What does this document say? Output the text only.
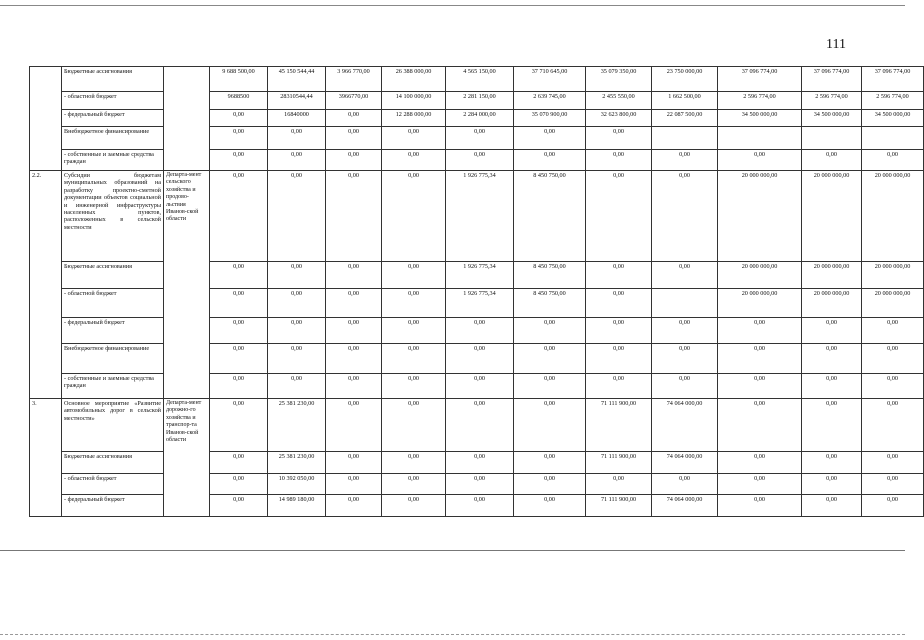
111
	Бюджетные ассигнования		9 688 500,00	45 150 544,44	3 966 770,00	26 388 000,00	4 565 150,00	37 710 645,00	35 079 350,00	23 750 000,00	37 096 774,00	37 096 774,00	37 096 774,00
	- областной бюджет		9688500	28310544,44	3966770,00	14 100 000,00	2 281 150,00	2 639 745,00	2 455 550,00	1 662 500,00	2 596 774,00	2 596 774,00	2 596 774,00
	- федеральный бюджет		0,00	16840000	0,00	12 288 000,00	2 284 000,00	35 070 900,00	32 623 800,00	22 087 500,00	34 500 000,00	34 500 000,00	34 500 000,00
	Внебюджетное финансирование		0,00	0,00	0,00	0,00	0,00	0,00	0,00				
	- собственные и заемные средства граждан		0,00	0,00	0,00	0,00	0,00	0,00	0,00	0,00	0,00	0,00	0,00
2.2.	Субсидии бюджетам муниципальных образований на разработку проектно-сметной документации объектов социальной и инженерной инфраструктуры населенных пунктов, расположенных в сельской местности	Департа-мент сельского хозяйства и продово-льствия Иванов-ской области	0,00	0,00	0,00	0,00	1 926 775,34	8 450 750,00	0,00	0,00	20 000 000,00	20 000 000,00	20 000 000,00
	Бюджетные ассигнования		0,00	0,00	0,00	0,00	1 926 775,34	8 450 750,00	0,00	0,00	20 000 000,00	20 000 000,00	20 000 000,00
	- областной бюджет		0,00	0,00	0,00	0,00	1 926 775,34	8 450 750,00	0,00		20 000 000,00	20 000 000,00	20 000 000,00
	- федеральный бюджет		0,00	0,00	0,00	0,00	0,00	0,00	0,00	0,00	0,00	0,00	0,00
	Внебюджетное финансирование		0,00	0,00	0,00	0,00	0,00	0,00	0,00	0,00	0,00	0,00	0,00
	- собственные и заемные средства граждан		0,00	0,00	0,00	0,00	0,00	0,00	0,00	0,00	0,00	0,00	0,00
3.	Основное мероприятие «Развитие автомобильных дорог в сельской местности»	Департа-мент дорожно-го хозяйства и транспор-та Иванов-ской области	0,00	25 381 230,00	0,00	0,00	0,00	0,00	71 111 900,00	74 064 000,00	0,00	0,00	0,00
	Бюджетные ассигнования		0,00	25 381 230,00	0,00	0,00	0,00	0,00	71 111 900,00	74 064 000,00	0,00	0,00	0,00
	- областной бюджет		0,00	10 392 050,00	0,00	0,00	0,00	0,00	0,00	0,00	0,00	0,00	0,00
	- федеральный бюджет		0,00	14 989 180,00	0,00	0,00	0,00	0,00	71 111 900,00	74 064 000,00	0,00	0,00	0,00
